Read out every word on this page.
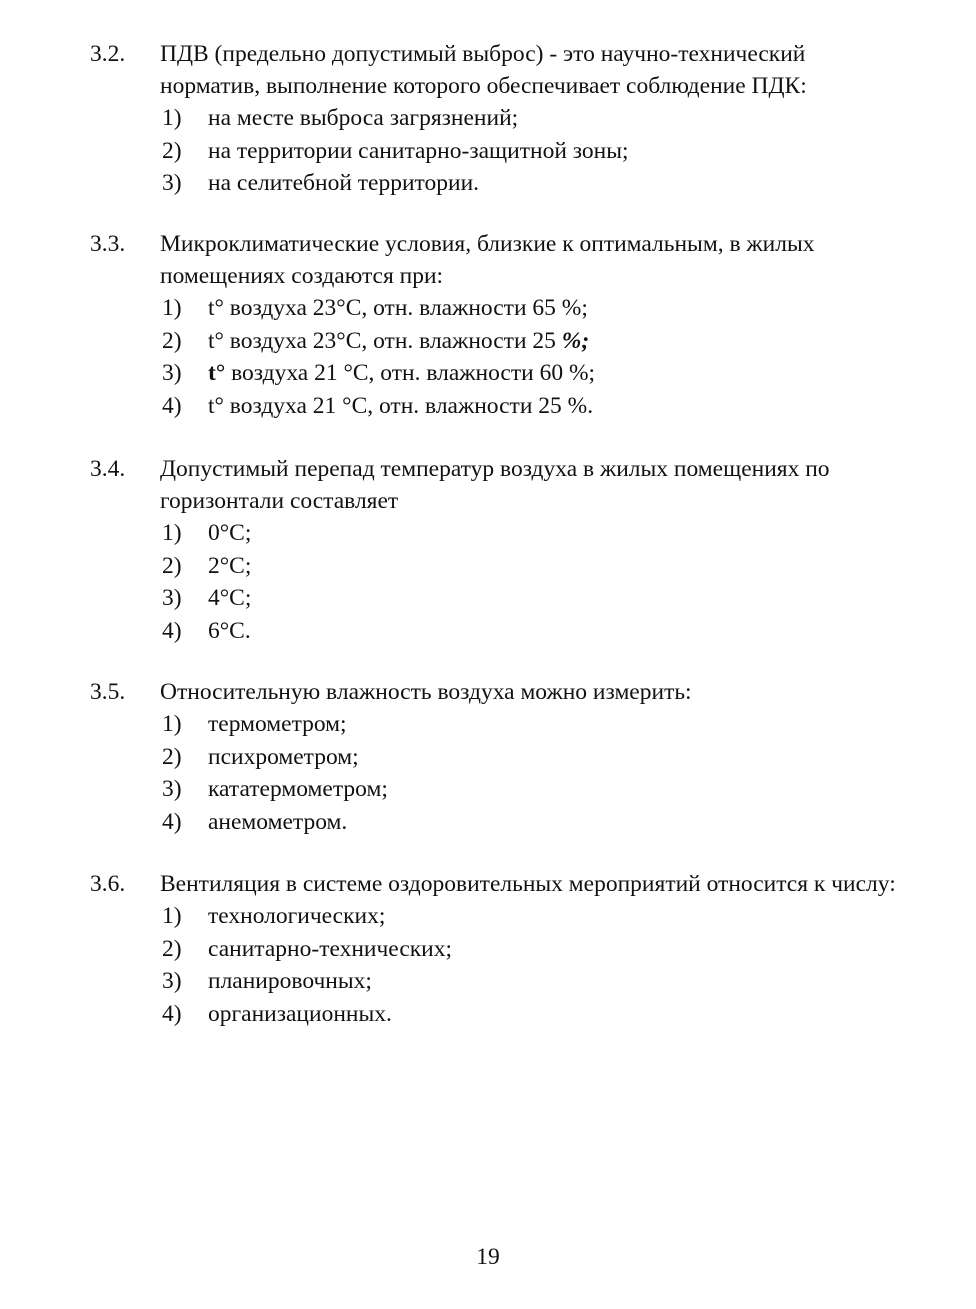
3.2. ПДВ (предельно допустимый выброс) - это научно-технический норматив, выполнение которого обеспечивает соблюдение ПДК:
1) на месте выброса загрязнений;
2) на территории санитарно-защитной зоны;
3) на селитебной территории.
3.3. Микроклиматические условия, близкие к оптимальным, в жилых помещениях создаются при:
1) t° воздуха 23°C, отн. влажности 65 %;
2) t° воздуха 23°C, отн. влажности 25 %;
3) t° воздуха 21 °C, отн. влажности 60 %;
4) t° воздуха 21 °C, отн. влажности 25 %.
3.4. Допустимый перепад температур воздуха в жилых помещениях по горизонтали составляет
1) 0°C;
2) 2°C;
3) 4°C;
4) 6°C.
3.5. Относительную влажность воздуха можно измерить:
1) термометром;
2) психрометром;
3) кататермометром;
4) анемометром.
3.6. Вентиляция в системе оздоровительных мероприятий относится к числу:
1) технологических;
2) санитарно-технических;
3) планировочных;
4) организационных.
19
